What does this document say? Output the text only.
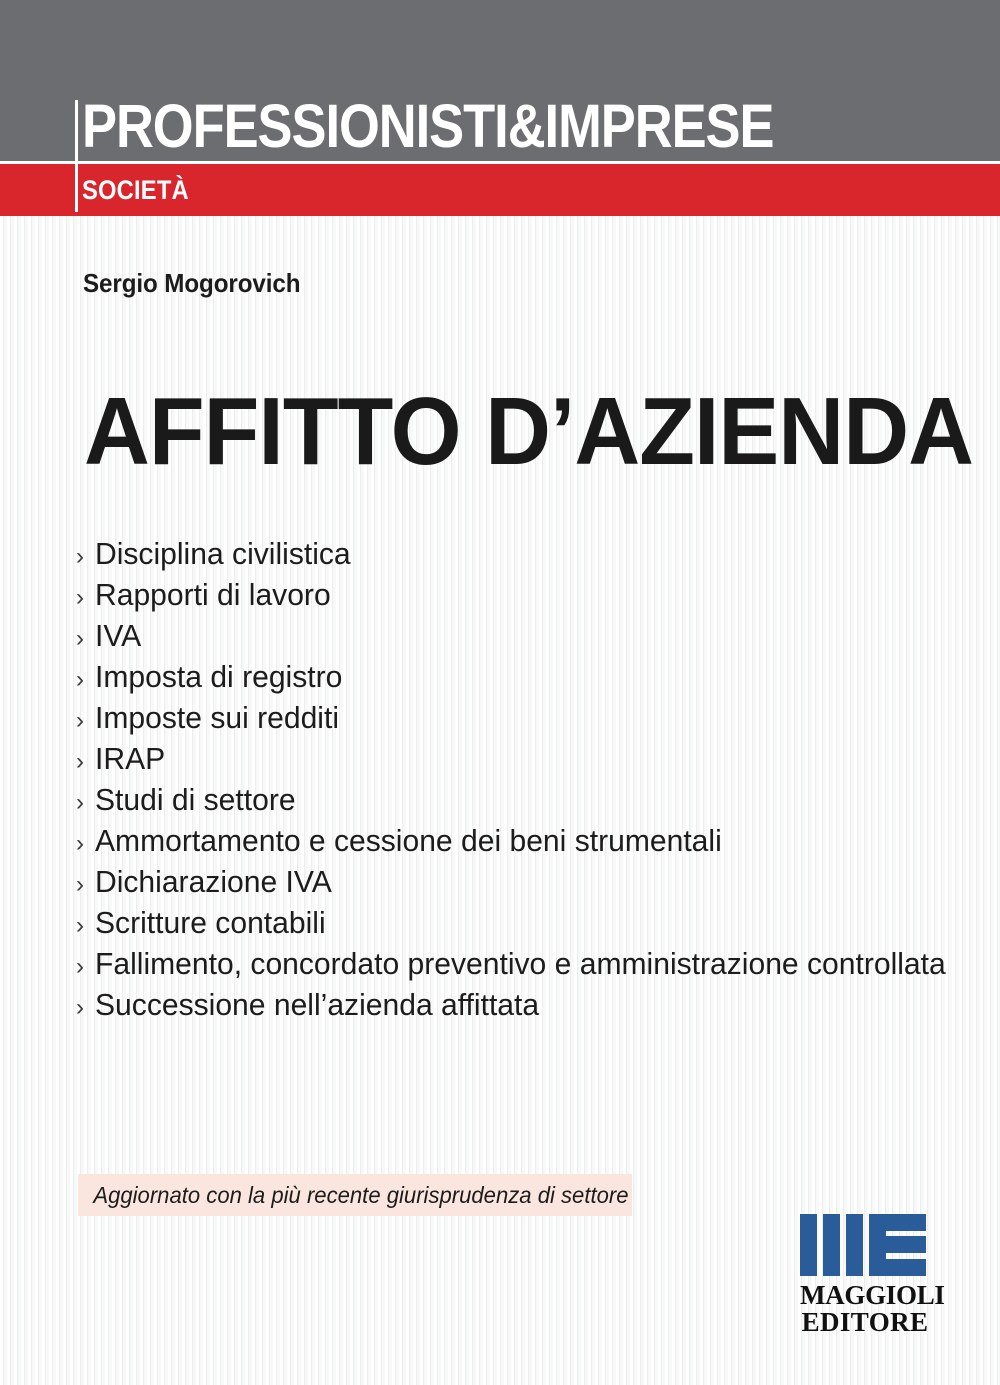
PROFESSIONISTI&IMPRESE
SOCIETÀ
Sergio Mogorovich
AFFITTO D’AZIENDA
› Disciplina civilistica
› Rapporti di lavoro
› IVA
› Imposta di registro
› Imposte sui redditi
› IRAP
› Studi di settore
› Ammortamento e cessione dei beni strumentali
› Dichiarazione IVA
› Scritture contabili
› Fallimento, concordato preventivo e amministrazione controllata
› Successione nell’azienda affittata
Aggiornato con la più recente giurisprudenza di settore
MAGGIOLI
EDITORE
